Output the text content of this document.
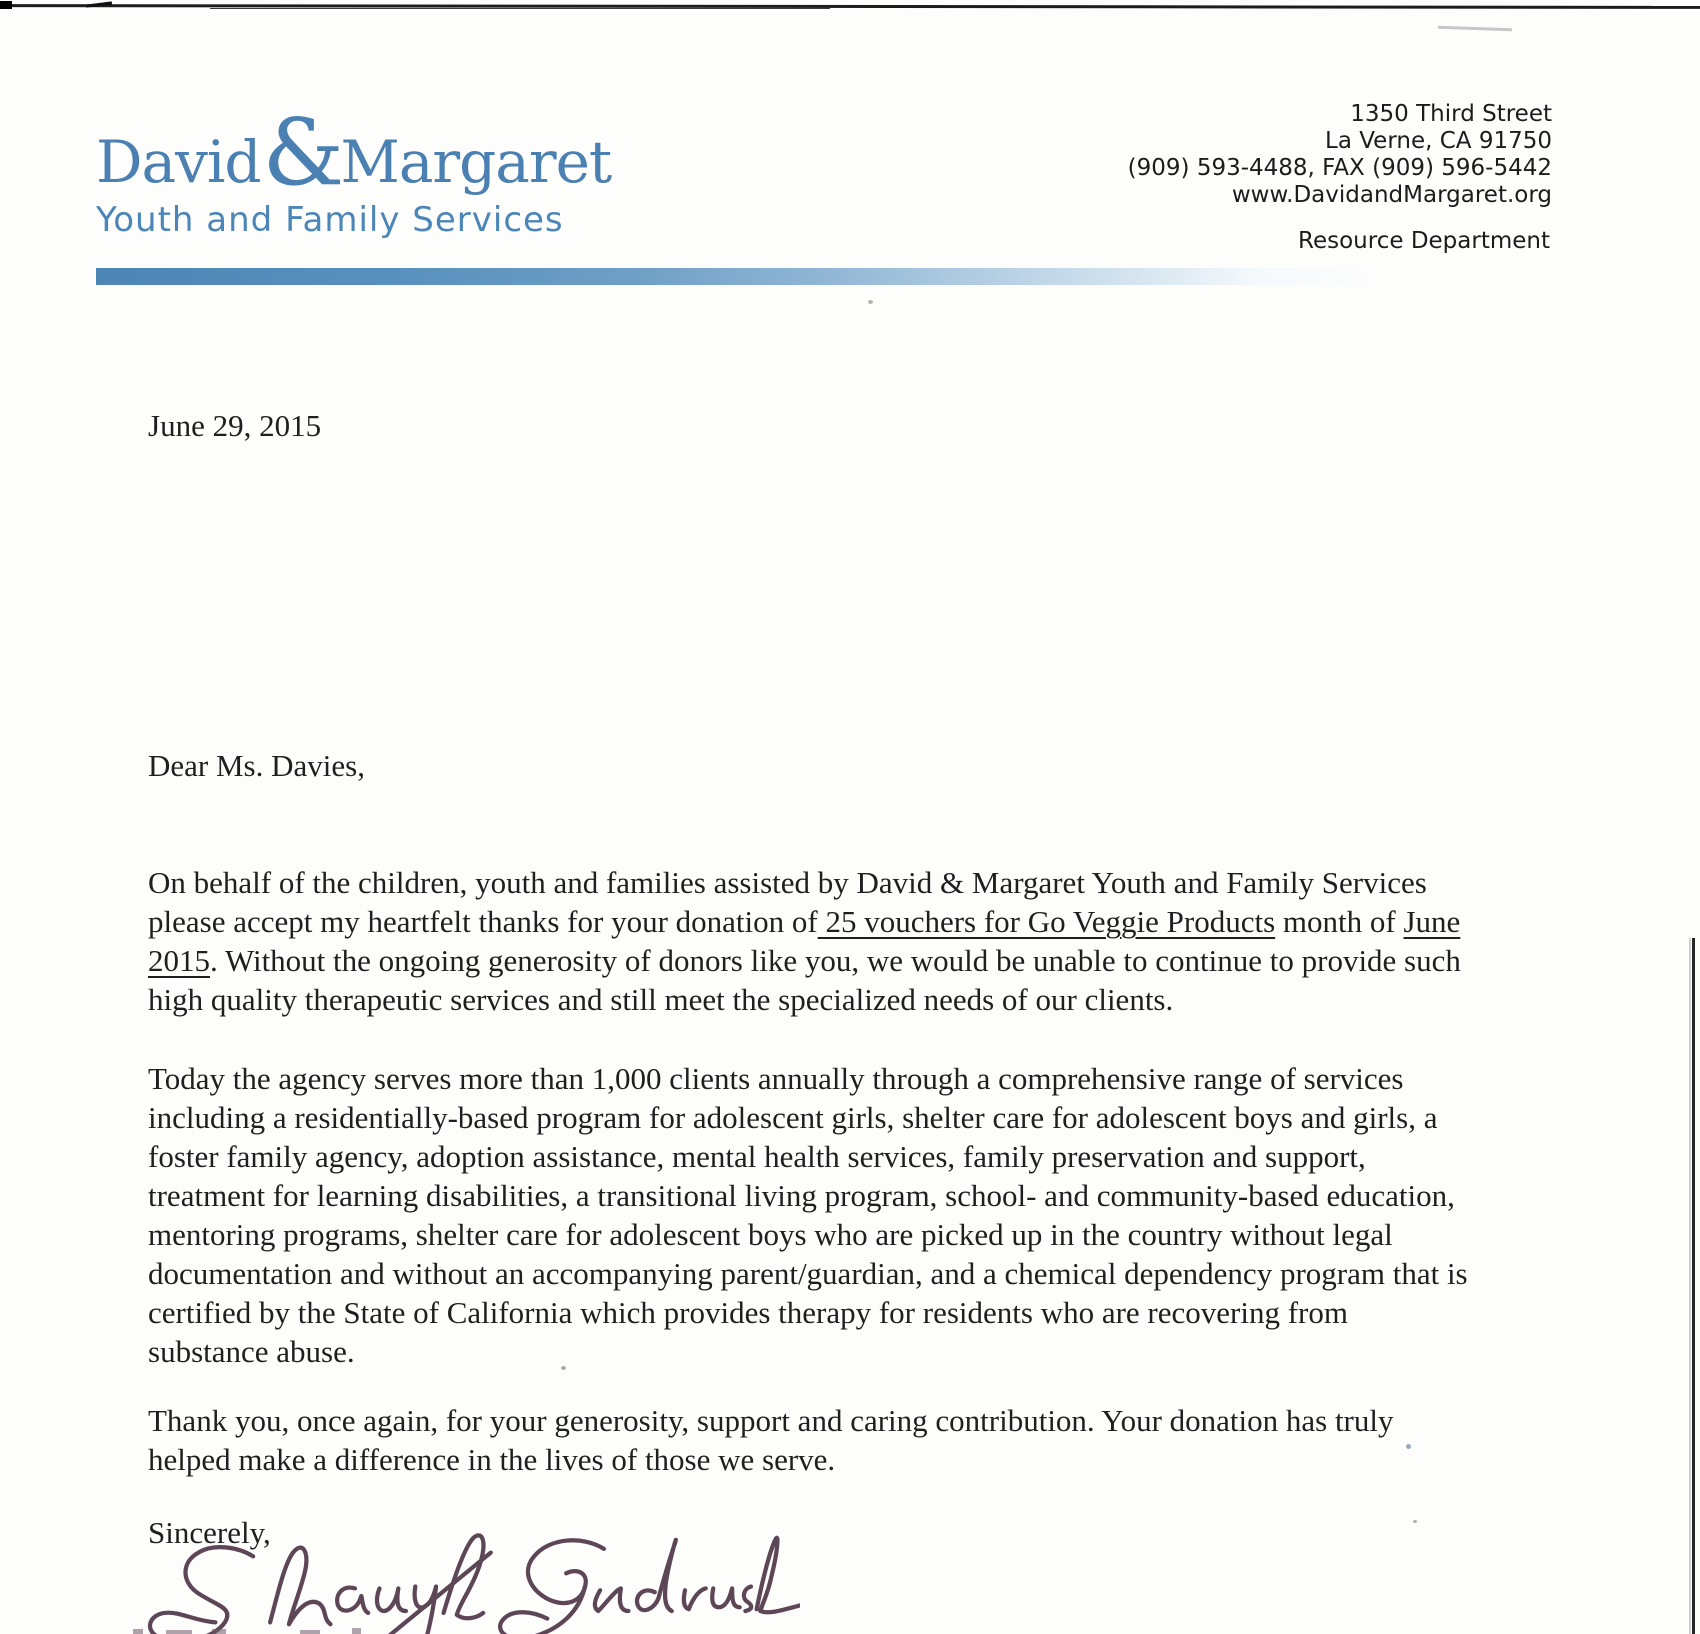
David &
Margaret
Youth and Family Services
1350 Third Street
La Verne, CA 91750
(909) 593-4488, FAX (909) 596-5442
www.DavidandMargaret.org
Resource Department
June 29, 2015
Dear Ms. Davies,
On behalf of the children, youth and families assisted by David & Margaret Youth and Family Services
please accept my heartfelt thanks for your donation of 25 vouchers for Go Veggie Products month of June
2015. Without the ongoing generosity of donors like you, we would be unable to continue to provide such
high quality therapeutic services and still meet the specialized needs of our clients.
Today the agency serves more than 1,000 clients annually through a comprehensive range of services
including a residentially-based program for adolescent girls, shelter care for adolescent boys and girls, a
foster family agency, adoption assistance, mental health services, family preservation and support,
treatment for learning disabilities, a transitional living program, school- and community-based education,
mentoring programs, shelter care for adolescent boys who are picked up in the country without legal
documentation and without an accompanying parent/guardian, and a chemical dependency program that is
certified by the State of California which provides therapy for residents who are recovering from
substance abuse.
Thank you, once again, for your generosity, support and caring contribution. Your donation has truly
helped make a difference in the lives of those we serve.
Sincerely,
